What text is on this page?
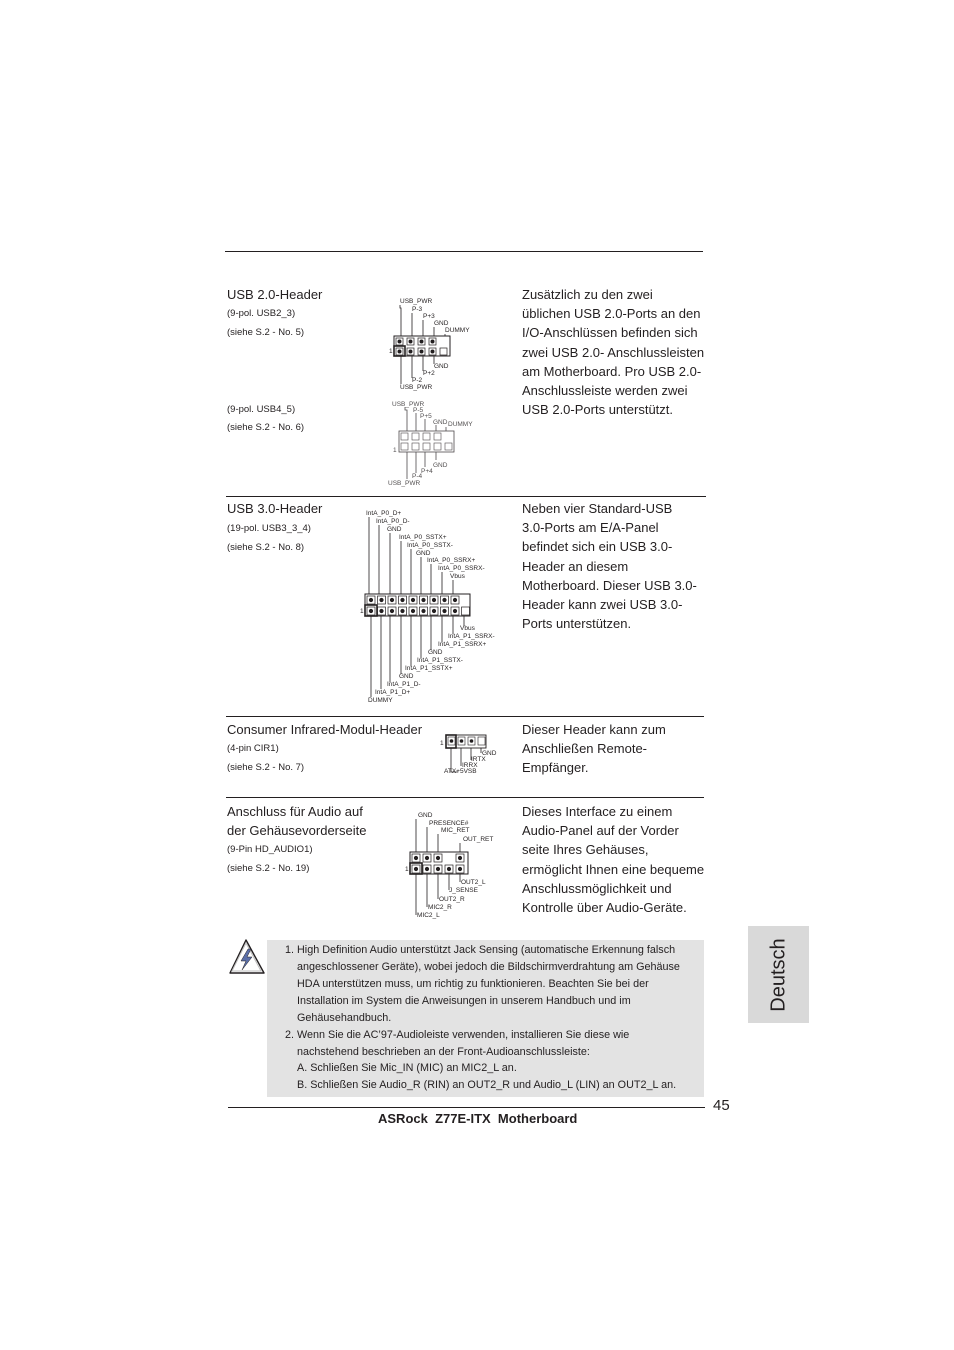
USB 2.0-Header
(9-pol. USB2_3)
(siehe S.2 - No. 5)
(9-pol. USB4_5)
(siehe S.2 - No. 6)
Zusätzlich zu den zwei
üblichen USB 2.0-Ports an den
I/O-Anschlüssen befinden sich
zwei USB 2.0- Anschlussleisten
am Motherboard. Pro USB 2.0-
Anschlussleiste werden zwei
USB 2.0-Ports unterstützt.
USB_PWR
P-3
P+3
GND
DUMMY
1
GND
P+2
P-2
USB_PWR
USB_PWR
P-5
P+5
GND DUMMY
1
GND
P+4
P-4
USB_PWR
USB 3.0-Header
(19-pol. USB3_3_4)
(siehe S.2 - No. 8)
Neben vier Standard-USB
3.0-Ports am E/A-Panel
befindet sich ein USB 3.0-
Header an diesem
Motherboard. Dieser USB 3.0-
Header kann zwei USB 3.0-
Ports unterstützen.
IntA_P0_D+
IntA_P0_D-
GND
IntA_P0_SSTX+
IntA_P0_SSTX-
GND
IntA_P0_SSRX+
IntA_P0_SSRX-
Vbus
1
Vbus
IntA_P1_SSRX-
IntA_P1_SSRX+
GND
IntA_P1_SSTX-
IntA_P1_SSTX+
GND
IntA_P1_D-
IntA_P1_D+
DUMMY
Consumer Infrared-Modul-Header
(4-pin CIR1)
(siehe S.2 - No. 7)
Dieser Header kann zum
Anschließen Remote-
Empfänger.
1
GND
IRTX
IRRX
ATX+5VSB
Anschluss für Audio auf
der Gehäusevorderseite
(9-Pin HD_AUDIO1)
(siehe S.2 - No. 19)
Dieses Interface zu einem
Audio-Panel auf der Vorder
seite Ihres Gehäuses,
ermöglicht Ihnen eine bequeme
Anschlussmöglichkeit und
Kontrolle über Audio-Geräte.
GND
PRESENCE#
MIC_RET
OUT_RET
1
OUT2_L
J_SENSE
OUT2_R
MIC2_R
MIC2_L
1. High Definition Audio unterstützt Jack Sensing (automatische Erkennung falsch
angeschlossener Geräte), wobei jedoch die Bildschirmverdrahtung am Gehäuse
HDA unterstützen muss, um richtig zu funktionieren. Beachten Sie bei der
Installation im System die Anweisungen in unserem Handbuch und im
Gehäusehandbuch.
2. Wenn Sie die AC’97-Audioleiste verwenden, installieren Sie diese wie
nachstehend beschrieben an der Front-Audioanschlussleiste:
A. Schließen Sie Mic_IN (MIC) an MIC2_L an.
B. Schließen Sie Audio_R (RIN) an OUT2_R und Audio_L (LIN) an OUT2_L an.
Deutsch
45
ASRock  Z77E-ITX  Motherboard
